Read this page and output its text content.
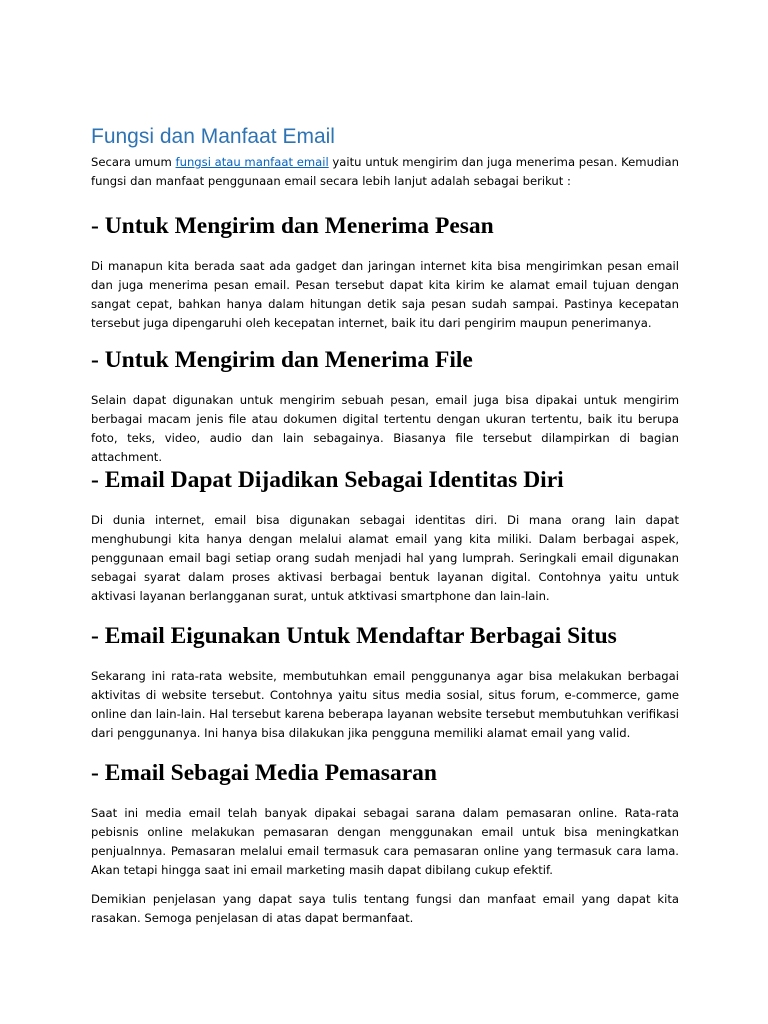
Fungsi dan Manfaat Email

Secara umum fungsi atau manfaat email yaitu untuk mengirim dan juga menerima pesan. Kemudian fungsi dan manfaat penggunaan email secara lebih lanjut adalah sebagai berikut :

- Untuk Mengirim dan Menerima Pesan

Di manapun kita berada saat ada gadget dan jaringan internet kita bisa mengirimkan pesan email dan juga menerima pesan email. Pesan tersebut dapat kita kirim ke alamat email tujuan dengan sangat cepat, bahkan hanya dalam hitungan detik saja pesan sudah sampai. Pastinya kecepatan tersebut juga dipengaruhi oleh kecepatan internet, baik itu dari pengirim maupun penerimanya.

- Untuk Mengirim dan Menerima File

Selain dapat digunakan untuk mengirim sebuah pesan, email juga bisa dipakai untuk mengirim berbagai macam jenis file atau dokumen digital tertentu dengan ukuran tertentu, baik itu berupa foto, teks, video, audio dan lain sebagainya. Biasanya file tersebut dilampirkan di bagian attachment.

- Email Dapat Dijadikan Sebagai Identitas Diri

Di dunia internet, email bisa digunakan sebagai identitas diri. Di mana orang lain dapat menghubungi kita hanya dengan melalui alamat email yang kita miliki. Dalam berbagai aspek, penggunaan email bagi setiap orang sudah menjadi hal yang lumprah. Seringkali email digunakan sebagai syarat dalam proses aktivasi berbagai bentuk layanan digital. Contohnya yaitu untuk aktivasi layanan berlangganan surat, untuk atktivasi smartphone dan lain-lain.

- Email Eigunakan Untuk Mendaftar Berbagai Situs

Sekarang ini rata-rata website, membutuhkan email penggunanya agar bisa melakukan berbagai aktivitas di website tersebut. Contohnya yaitu situs media sosial, situs forum, e-commerce, game online dan lain-lain. Hal tersebut karena beberapa layanan website tersebut membutuhkan verifikasi dari penggunanya. Ini hanya bisa dilakukan jika pengguna memiliki alamat email yang valid.

- Email Sebagai Media Pemasaran

Saat ini media email telah banyak dipakai sebagai sarana dalam pemasaran online. Rata-rata pebisnis online melakukan pemasaran dengan menggunakan email untuk bisa meningkatkan penjualnnya. Pemasaran melalui email termasuk cara pemasaran online yang termasuk cara lama. Akan tetapi hingga saat ini email marketing masih dapat dibilang cukup efektif.

Demikian penjelasan yang dapat saya tulis tentang fungsi dan manfaat email yang dapat kita rasakan. Semoga penjelasan di atas dapat bermanfaat.
